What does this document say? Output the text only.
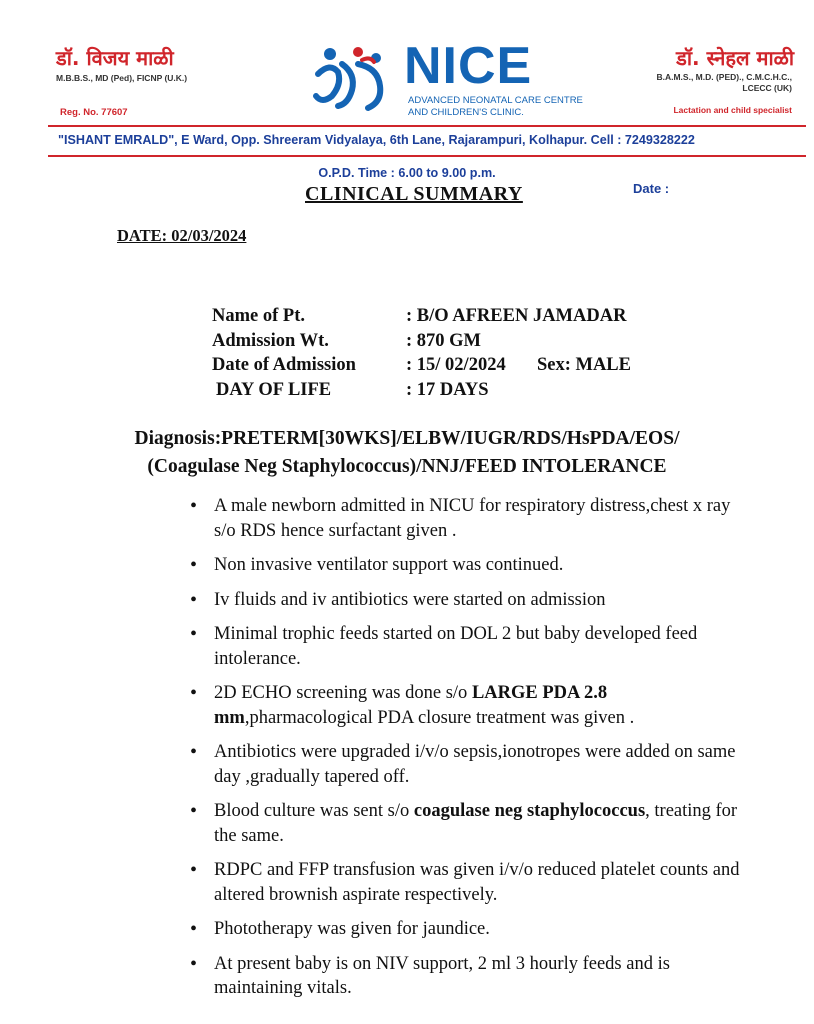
डॉ. विजय माळी
M.B.B.S., MD (Ped), FICNP (U.K.)
Reg. No. 77607
NICE
ADVANCED NEONATAL CARE CENTRE
AND CHILDREN'S CLINIC.
डॉ. स्नेहल माळी
B.A.M.S., M.D. (PED)., C.M.C.H.C., LCECC (UK)
Lactation and child specialist
"ISHANT EMRALD", E Ward, Opp. Shreeram Vidyalaya, 6th Lane, Rajarampuri, Kolhapur. Cell : 7249328222
O.P.D. Time : 6.00 to 9.00 p.m.
CLINICAL SUMMARY	Date :
DATE: 02/03/2024
Name of Pt.	: B/O AFREEN JAMADAR
Admission Wt.	: 870 GM
Date of Admission	: 15/ 02/2024 Sex: MALE
DAY OF LIFE	: 17 DAYS
Diagnosis:PRETERM[30WKS]/ELBW/IUGR/RDS/HsPDA/EOS/
(Coagulase Neg Staphylococcus)/NNJ/FEED INTOLERANCE
• A male newborn admitted in NICU for respiratory distress,chest x ray s/o RDS hence surfactant given .
• Non invasive ventilator support was continued.
• Iv fluids and iv antibiotics were started on admission
• Minimal trophic feeds started on DOL 2 but baby developed feed intolerance.
• 2D ECHO screening was done s/o LARGE PDA 2.8 mm,pharmacological PDA closure treatment was given .
• Antibiotics were upgraded i/v/o sepsis,ionotropes were added on same day ,gradually tapered off.
• Blood culture was sent s/o coagulase neg staphylococcus, treating for the same.
• RDPC and FFP transfusion was given i/v/o reduced platelet counts and altered brownish aspirate respectively.
• Phototherapy was given for jaundice.
• At present baby is on NIV support, 2 ml 3 hourly feeds and is maintaining vitals.
